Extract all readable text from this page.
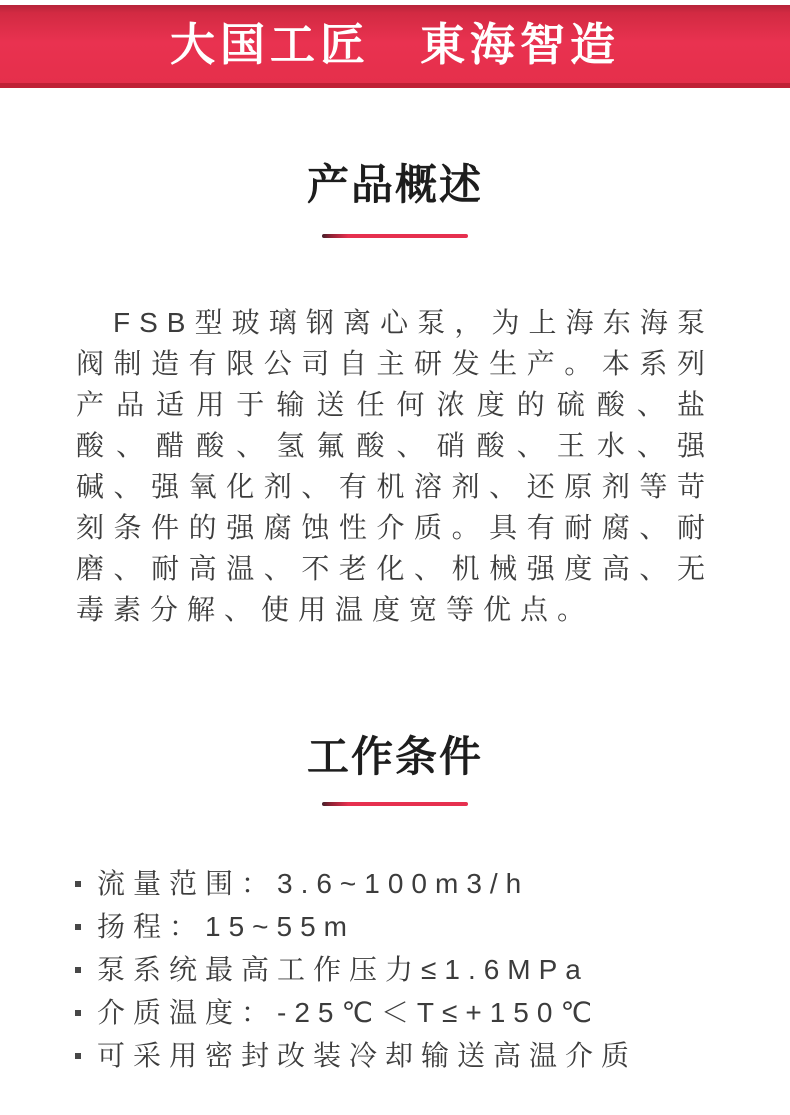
大国工匠　東海智造
产品概述

FSB型玻璃钢离心泵，为上海东海泵阀制造有限公司自主研发生产。本系列产品适用于输送任何浓度的硫酸、盐酸、醋酸、氢氟酸、硝酸、王水、强碱、强氧化剂、有机溶剂、还原剂等苛刻条件的强腐蚀性介质。具有耐腐、耐磨、耐高温、不老化、机械强度高、无毒素分解、使用温度宽等优点。

工作条件
流量范围：3.6~100m3/h
扬程：15~55m
泵系统最高工作压力≤1.6MPa
介质温度：-25℃＜T≤+150℃
可采用密封改装冷却输送高温介质
